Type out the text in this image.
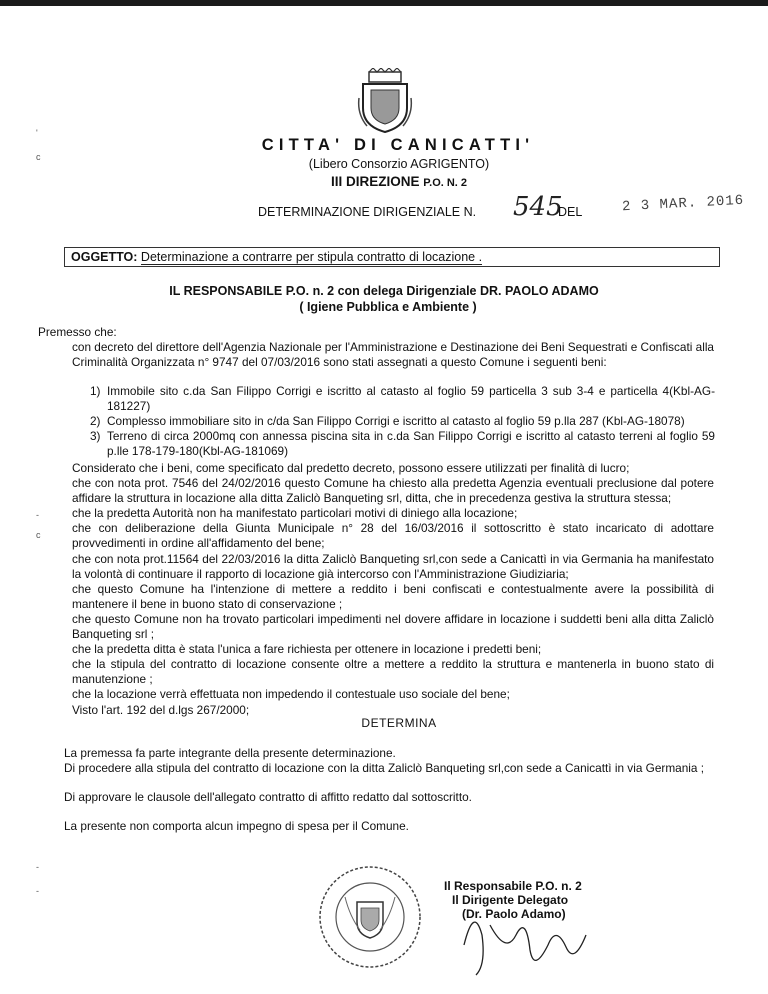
CITTA' DI CANICATTI'
(Libero Consorzio AGRIGENTO)
III DIREZIONE P.O. N. 2
DETERMINAZIONE DIRIGENZIALE N. 545
DEL	2 3 MAR. 2016
OGGETTO: Determinazione a contrarre per stipula contratto di locazione .
IL RESPONSABILE P.O. n. 2 con delega Dirigenziale DR. PAOLO ADAMO
( Igiene Pubblica e Ambiente )
Premesso che:
con decreto del direttore dell'Agenzia Nazionale per l'Amministrazione e Destinazione dei Beni Sequestrati e Confiscati alla Criminalità Organizzata n° 9747 del 07/03/2016 sono stati assegnati a questo Comune i seguenti beni:
1) Immobile sito c.da San Filippo Corrigi e iscritto al catasto al foglio 59 particella 3 sub 3-4 e particella 4(Kbl-AG-181227)
2) Complesso immobiliare sito in c/da San Filippo Corrigi e iscritto al catasto al foglio 59 p.lla 287 (Kbl-AG-18078)
3) Terreno di circa 2000mq con annessa piscina sita in c.da San Filippo Corrigi e iscritto al catasto terreni al foglio 59 p.lle 178-179-180(Kbl-AG-181069)

Considerato che i beni, come specificato dal predetto decreto, possono essere utilizzati per finalità di lucro;

che con nota prot. 7546 del 24/02/2016 questo Comune ha chiesto alla predetta Agenzia eventuali preclusione dal potere affidare la struttura in locazione alla ditta Zaliclò Banqueting srl, ditta, che in precedenza gestiva la struttura stessa;

che la predetta Autorità non ha manifestato particolari motivi di diniego alla locazione;

che con deliberazione della Giunta Municipale n° 28 del 16/03/2016 il sottoscritto è stato incaricato di adottare provvedimenti in ordine all'affidamento del bene;

che con nota prot.11564 del 22/03/2016 la ditta Zaliclò Banqueting srl,con sede a Canicattì in via Germania ha manifestato la volontà di continuare il rapporto di locazione già intercorso con l'Amministrazione Giudiziaria;

che questo Comune ha l'intenzione di mettere a reddito i beni confiscati e contestualmente avere la possibilità di mantenere il bene in buono stato di conservazione ;

che questo Comune non ha trovato particolari impedimenti nel dovere affidare in locazione i suddetti beni alla ditta Zaliclò Banqueting srl ;

che la predetta ditta è stata l'unica a fare richiesta per ottenere in locazione i predetti beni;

che la stipula del contratto di locazione consente oltre a mettere a reddito la struttura e mantenerla in buono stato di manutenzione ;

che la locazione verrà effettuata non impedendo il contestuale uso sociale del bene;

Visto l'art. 192 del d.lgs 267/2000;

DETERMINA

La premessa fa parte integrante della presente determinazione.

Di procedere alla stipula del contratto di locazione con la ditta Zaliclò Banqueting srl,con sede a Canicattì in via Germania ;

Di approvare le clausole dell'allegato contratto di affitto redatto dal sottoscritto.

La presente non comporta alcun impegno di spesa per il Comune.

Il Responsabile P.O. n. 2
Il Dirigente Delegato
(Dr. Paolo Adamo)
'
c
-
c
-
-
